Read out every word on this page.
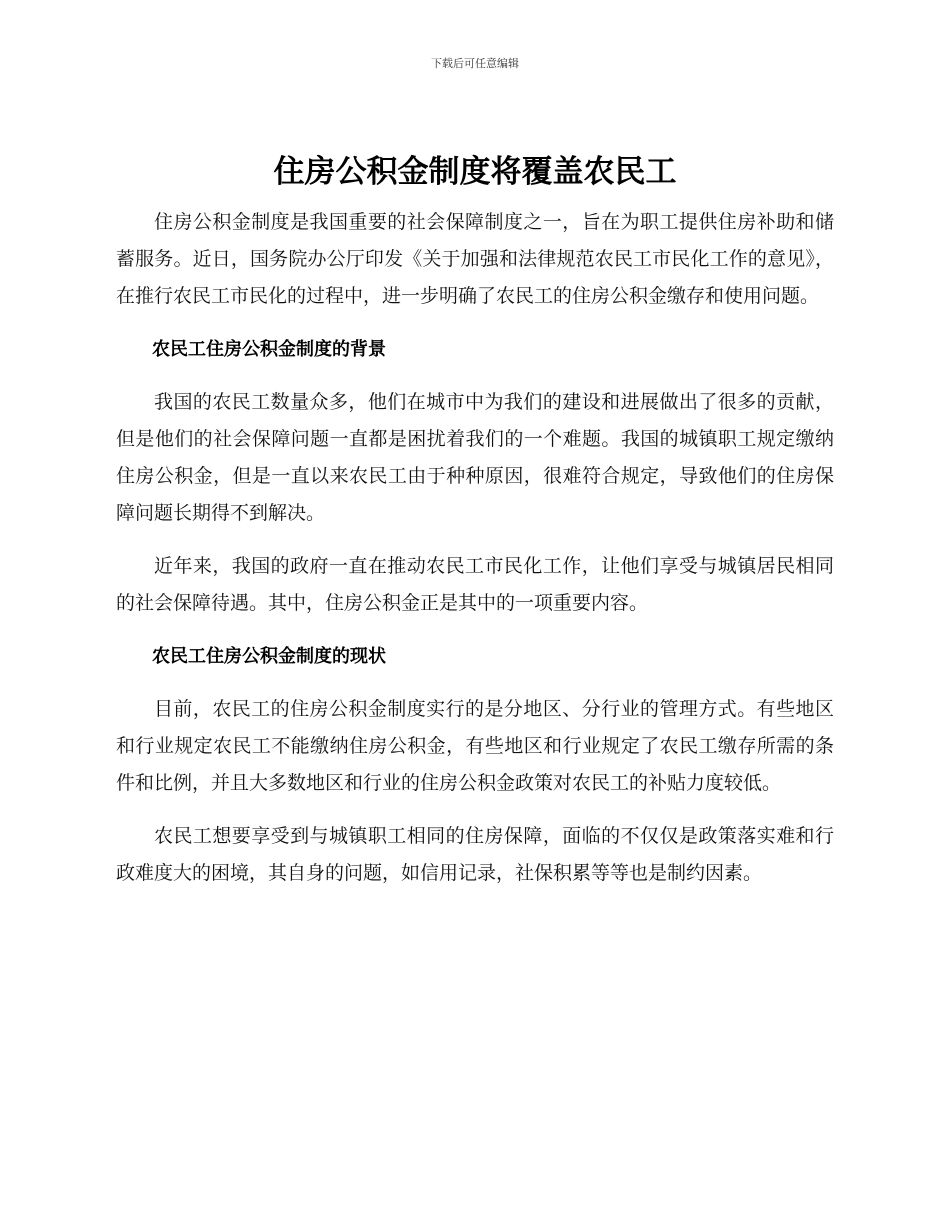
下载后可任意编辑
住房公积金制度将覆盖农民工

住房公积金制度是我国重要的社会保障制度之一，旨在为职工提供住房补助和储蓄服务。近日，国务院办公厅印发《关于加强和法律规范农民工市民化工作的意见》，在推行农民工市民化的过程中，进一步明确了农民工的住房公积金缴存和使用问题。

农民工住房公积金制度的背景

我国的农民工数量众多，他们在城市中为我们的建设和进展做出了很多的贡献，但是他们的社会保障问题一直都是困扰着我们的一个难题。我国的城镇职工规定缴纳住房公积金，但是一直以来农民工由于种种原因，很难符合规定，导致他们的住房保障问题长期得不到解决。

近年来，我国的政府一直在推动农民工市民化工作，让他们享受与城镇居民相同的社会保障待遇。其中，住房公积金正是其中的一项重要内容。

农民工住房公积金制度的现状

目前，农民工的住房公积金制度实行的是分地区、分行业的管理方式。有些地区和行业规定农民工不能缴纳住房公积金，有些地区和行业规定了农民工缴存所需的条件和比例，并且大多数地区和行业的住房公积金政策对农民工的补贴力度较低。

农民工想要享受到与城镇职工相同的住房保障，面临的不仅仅是政策落实难和行政难度大的困境，其自身的问题，如信用记录，社保积累等等也是制约因素。
